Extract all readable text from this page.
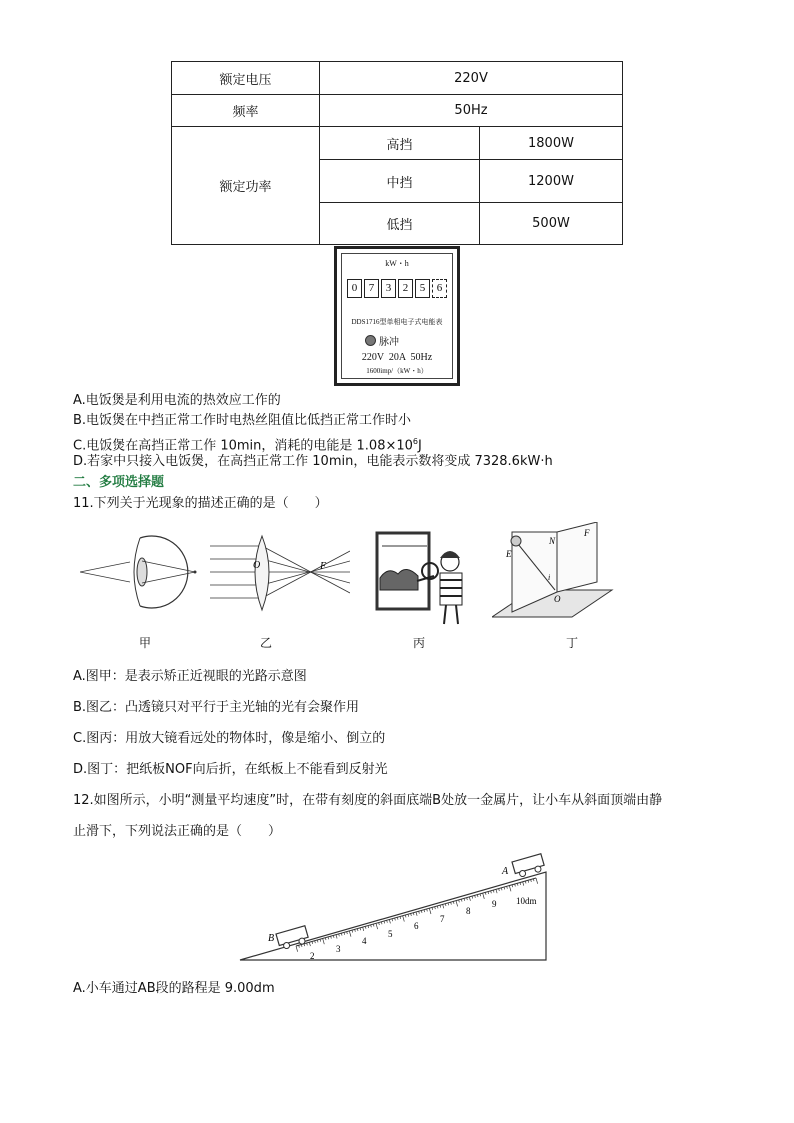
额定电压	220V	
频率	50Hz	
额定功率	高挡	1800W
	中挡	1200W
	低挡	500W
kW・h
0	7	3	2	5	6
DDS1716型单相电子式电能表
脉冲
220V  20A  50Hz
1600imp/（kW・h）
A.电饭煲是利用电流的热效应工作的
B.电饭煲在中挡正常工作时电热丝阻值比低挡正常工作时小
C.电饭煲在高挡正常工作 10min，消耗的电能是 $1.08\times 10^6J$
D.若家中只接入电饭煲，在高挡正常工作 10min，电能表示数将变成 7328.6kW·h
二、多项选择题
11.下列关于光现象的描述正确的是（　　）
O	F
E
N
F
i
O
甲	乙	丙	丁
A.图甲：是表示矫正近视眼的光路示意图
B.图乙：凸透镜只对平行于主光轴的光有会聚作用
C.图丙：用放大镜看远处的物体时，像是缩小、倒立的
D.图丁：把纸板NOF向后折，在纸板上不能看到反射光
12.如图所示，小明“测量平均速度”时，在带有刻度的斜面底端B处放一金属片，让小车从斜面顶端由静
止滑下，下列说法正确的是（　　）
B
A
2
3
4
5
6
7
8
9 10dm
A.小车通过AB段的路程是 9.00dm
